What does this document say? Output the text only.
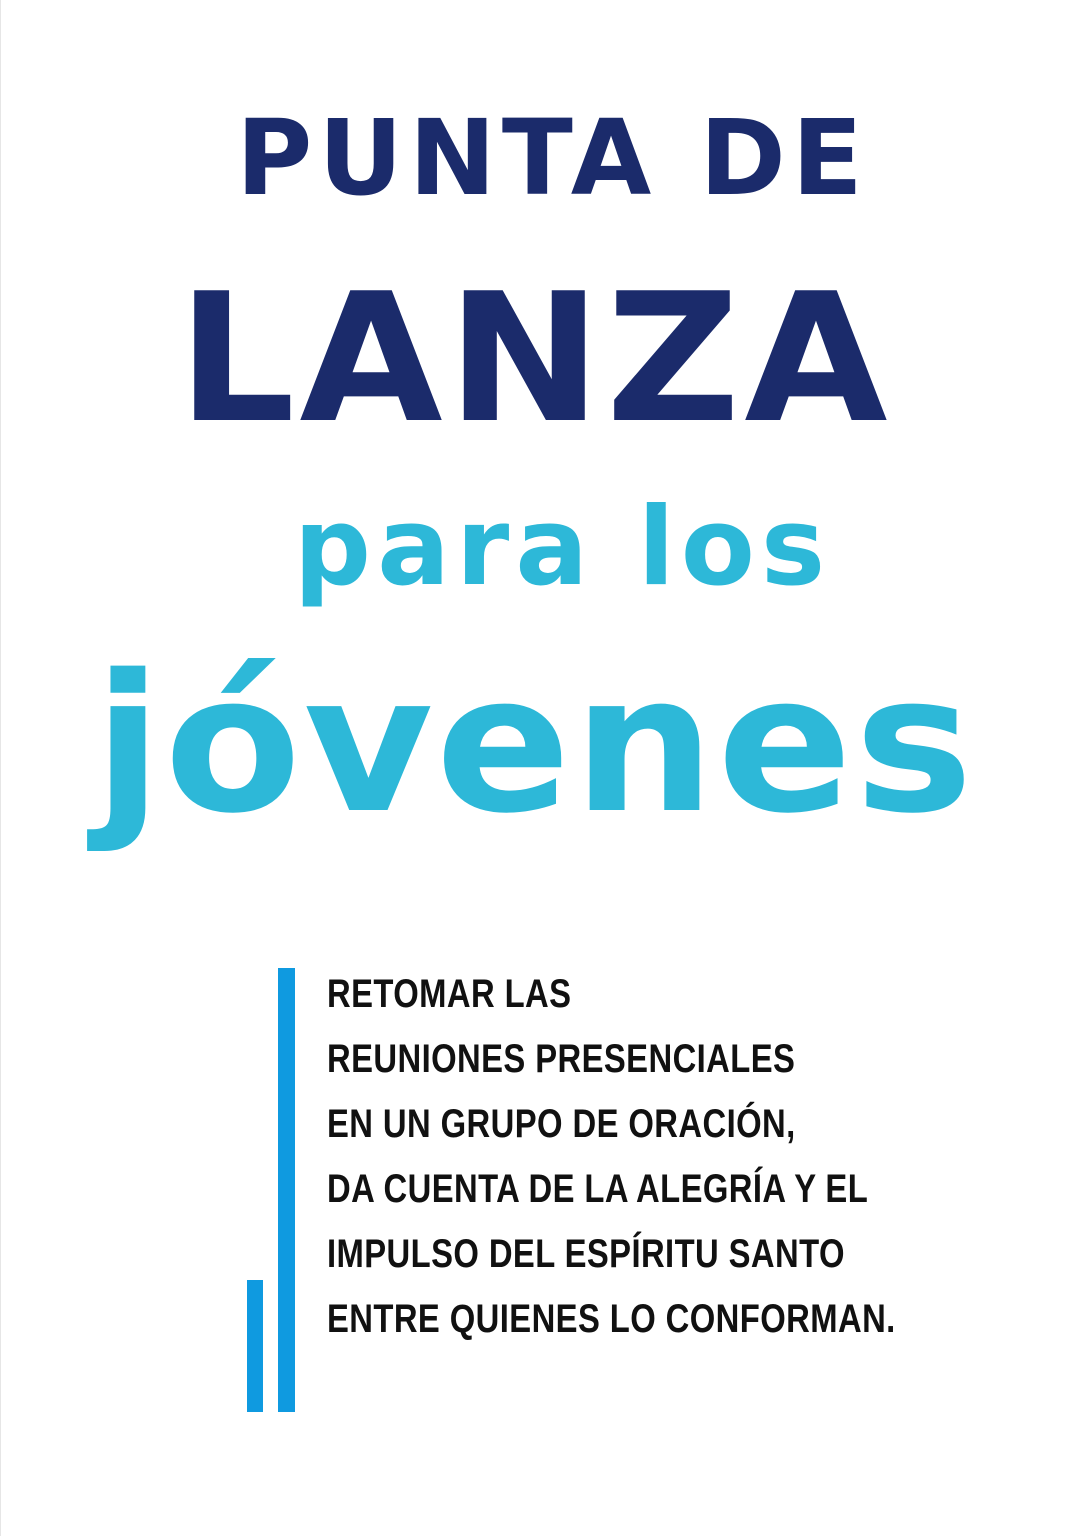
PUNTA DE
LANZA
para los
jóvenes
RETOMAR LAS
REUNIONES PRESENCIALES
EN UN GRUPO DE ORACIÓN,
DA CUENTA DE LA ALEGRÍA Y EL
IMPULSO DEL ESPÍRITU SANTO
ENTRE QUIENES LO CONFORMAN.
